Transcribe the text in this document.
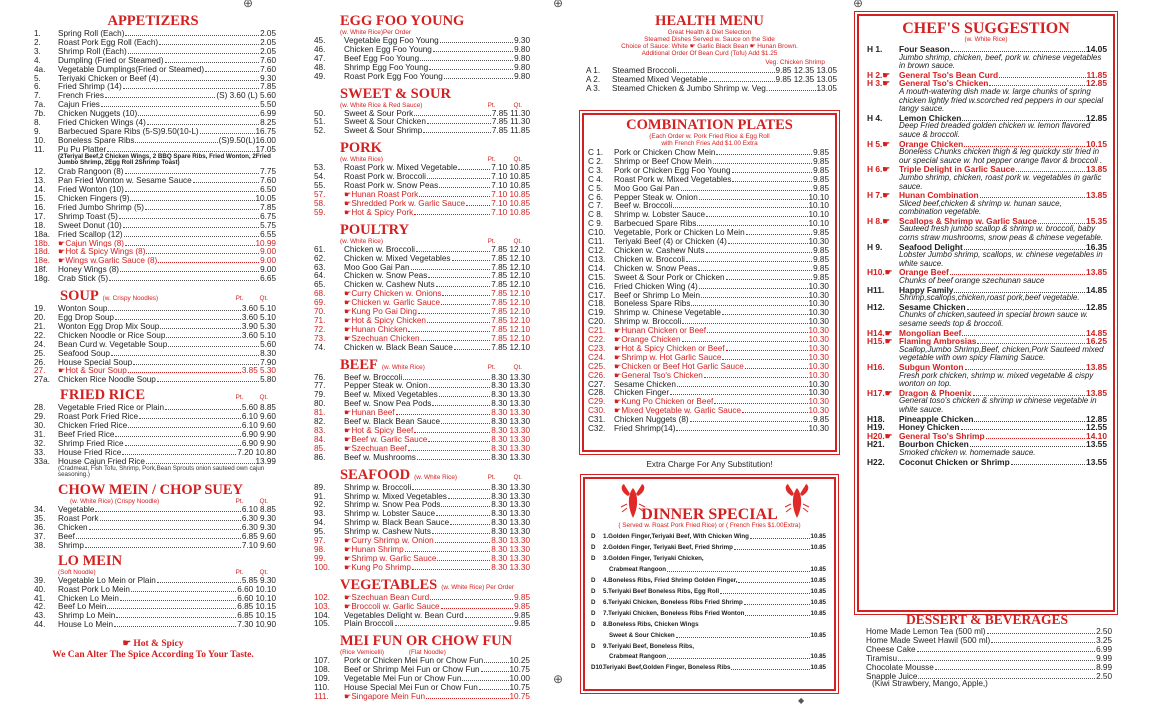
APPETIZERS
1.	Spring Roll (Each)	2.05
2.	Roast Pork Egg Roll (Each)	2.05
3.	Shrimp Roll (Each)	2.05
4.	Dumpling (Fried or Steamed)	7.60
4a.	Vegetable Dumplings(Fried or Steamed)	7.60
5.	Teriyaki Chicken or Beef (4)	9.30
6.	Fried Shrimp (14)	7.85
7.	French Fries	(S) 3.60 (L) 5.60
7a.	Cajun Fries	5.50
7b.	Chicken Nuggets (10)	6.99
8.	Fried Chicken Wings (4)	8.25
9.	Barbecued Spare Ribs (5-S)9.50(10-L)	16.75
10.	Boneless Spare Ribs	(S)9.50(L)16.00
11.	Pu Pu Platter	17.05
(2Teriyal Beef,2 Chicken Wings, 2 BBQ Spare Ribs, Fried Wonton, 2Fried Jumbo Shrimp, 2Egg Roll 2Shrimp Toast)
12.	Crab Rangoon (8)	7.75
13.	Pan Fried Wonton w. Sesame Sauce	7.60
14.	Fried Wonton (10)	6.50
15.	Chicken Fingers (9)	10.05
16.	Fried Jumbo Shrimp (5)	7.85
17.	Shrimp Toast (5)	6.75
18.	Sweet Donut (10)	5.75
18a. Fried Scallop (12)	6.55
18b. ☛Cajun Wings (8)	10.99
18d. ☛Hot & Spicy Wings (8)	9.00
18e. ☛Wings w.Garlic Sauce (8)	9.00
18f.	Honey Wings (8)	9.00
18g. Crab Stick (5)	6.65
SOUP (w. Crispy Noodles)	Pt.	Qt.
19.	Wonton Soup	3.60 5.10
20.	Egg Drop Soup	3.60 5.10
21.	Wonton Egg Drop Mix Soup	3.90 5.30
22.	Chicken Noodle or Rice Soup	3.60 5.10
24.	Bean Curd w. Vegetable Soup	5.60
25.	Seafood Soup	8.30
26.	House Special Soup	7.90
27.	☛Hot & Sour Soup	3.85 5.30
27a. Chicken Rice Noodle Soup	5.80
FRIED RICE	Pt.	Qt.
28.	Vegetable Fried Rice or Plain	5.60 8.85
29.	Roast Pork Fried Rice	6.10 9.60
30.	Chicken Fried Rice	6.10 9.60
31.	Beef Fried Rice	6.90 9.90
32.	Shrimp Fried Rice	6.90 9.90
33.	House Fried Rice	7.20 10.80
33a. House Cajun Fried Rice	13.99
(Cradmeat, Fish Tofu, Shrimp, Pork,Bean Sprouts onion sauteed own cajun seasoning.)
CHOW MEIN / CHOP SUEY
(w. White Rice) (Crispy Noodle)	Pt.	Qt.
34.	Vegetable	6.10 8.85
35.	Roast Pork	6.30 9.30
36.	Chicken	6.30 9.30
37.	Beef	6.85 9.60
38.	Shrimp	7.10 9.60
LO MEIN
(Soft Noodle)	Pt.	Qt.
39.	Vegetable Lo Mein or Plain	5.85 9.30
40.	Roast Pork Lo Mein	6.60 10.10
41.	Chicken Lo Mein	6.60 10.10
42.	Beef Lo Mein	6.85 10.15
43.	Shrimp Lo Mein	6.85 10.15
44.	House Lo Mein	7.30 10.90
☛ Hot & Spicy
We Can Alter The Spice According To Your Taste.
EGG FOO YOUNG
(w. White Rice)Per Order
45.	Vegetable Egg Foo Young	9.30
46.	Chicken Egg Foo Young	9.80
47.	Beef Egg Foo Young	9.80
48.	Shrimp Egg Foo Young	9.80
49.	Roast Pork Egg Foo Young	9.80
SWEET & SOUR
(w. White Rice & Red Sauce)	Pt.	Qt.
50.	Sweet & Sour Pork	7.85 11.30
51.	Sweet & Sour Chicken	7.85 11.30
52.	Sweet & Sour Shrimp	7.85 11.85
PORK
(w. White Rice)	Pt.	Qt.
53.	Roast Pork w. Mixed Vegetable	7.10 10.85
54.	Roast Pork w. Broccoli	7.10 10.85
55.	Roast Pork w. Snow Peas	7.10 10.85
57.	☛Hunan Roast Pork	7.10 10.85
58.	☛Shredded Pork w. Garlic Sauce	7.10 10.85
59.	☛Hot & Spicy Pork	7.10 10.85
POULTRY
(w. White Rice)	Pt.	Qt.
61.	Chicken w. Broccoli	7.85 12.10
62.	Chicken w. Mixed Vegetables	7.85 12.10
63.	Moo Goo Gai Pan	7.85 12.10
64.	Chicken w. Snow Peas	7.85 12.10
65.	Chicken w. Cashew Nuts	7.85 12.10
68.	☛Curry Chicken w. Onions	7.85 12.10
69.	☛Chicken w. Garlic Sauce	7.85 12.10
70.	☛Kung Po Gai Ding	7.85 12.10
71.	☛Hot & Spicy Chicken	7.85 12.10
72.	☛Hunan Chicken	7.85 12.10
73.	☛Szechuan Chicken	7.85 12.10
74.	Chicken w. Black Bean Sauce	7.85 12.10
BEEF (w. White Rice)	Pt.	Qt.
76.	Beef w. Broccoli	8.30 13.30
77.	Pepper Steak w. Onion	8.30 13.30
79.	Beef w. Mixed Vegetables	8.30 13.30
80.	Beef w. Snow Pea Pods	8.30 13.30
81.	☛Hunan Beef	8.30 13.30
82.	Beef w. Black Bean Sauce	8.30 13.30
83.	☛Hot & Spicy Beef	8.30 13.30
84.	☛Beef w. Garlic Sauce	8.30 13.30
85.	☛Szechuan Beef	8.30 13.30
86.	Beef w. Mushrooms	8.30 13.30
SEAFOOD (w. White Rice)	Pt.	Qt.
89.	Shrimp w. Broccoli	8.30 13.30
91.	Shrimp w. Mixed Vegetables	8.30 13.30
92.	Shrimp w. Snow Pea Pods	8.30 13.30
93.	Shrimp w. Lobster Sauce	8.30 13.30
94.	Shrimp w. Black Bean Sauce	8.30 13.30
95.	Shrimp w. Cashew Nuts	8.30 13.30
97.	☛Curry Shrimp w. Onion	8.30 13.30
98.	☛Hunan Shrimp	8.30 13.30
99.	☛Shrimp w. Garlic Sauce	8.30 13.30
100.	☛Kung Po Shrimp	8.30 13.30
VEGETABLES (w. White Rice) Per Order
102.	☛Szechuan Bean Curd	9.85
103.	☛Broccoli w. Garlic Sauce	9.85
104.	Vegetables Delight w. Bean Curd	9.85
105.	Plain Broccoli	9.85
MEI FUN OR CHOW FUN
(Rice Vemicelli)              (Flat Noodle)
107.	Pork or Chicken Mei Fun or Chow Fun	10.25
108.	Beef or Shrimp Mei Fun or Chow Fun	10.75
109.	Vegetable Mei Fun or Chow Fun	10.00
110.	House Special Mei Fun or Chow Fun	10.75
111.	☛Singapore Mein Fun	10.75
HEALTH MENU
Great Health & Diet Selection
Steamed Dishes Served w. Sauce on the Side
Choice of Sauce: White ☛ Garlic Black Bean ☛ Hunan Brown.
Additional Order Of Bean Curd (Tofu) Add $1.25
Veg. Chicken Shrimp
A 1.	Steamed Broccoli	9.85 12.35 13.05
A 2.	Steamed Mixed Vegetable	9.85 12.35 13.05
A 3.	Steamed Chicken & Jumbo Shrimp w. Veg.	13.05
COMBINATION PLATES
(Each Order w. Pork Fried Rice & Egg Roll
with French Fries Add $1.00 Extra
C 1.	Pork or Chicken Chow Mein	9.85
C 2.	Shrimp or Beef Chow Mein	9.85
C 3.	Pork or Chicken Egg Foo Young	9.85
C 4.	Roast Pork w. Mixed Vegetables	9.85
C 5.	Moo Goo Gai Pan	9.85
C 6.	Pepper Steak w. Onion	10.10
C 7.	Beef w. Broccoli	10.10
C 8.	Shrimp w. Lobster Sauce	10.10
C 9.	Barbecued Spare Ribs	10.10
C10.	Vegetable, Pork or Chicken Lo Mein	9.85
C11.	Teriyaki Beef (4) or Chicken (4)	10.30
C12.	Chicken w. Cashew Nuts	9.85
C13.	Chicken w. Broccoli	9.85
C14.	Chicken w. Snow Peas	9.85
C15.	Sweet & Sour Pork or Chicken	9.85
C16.	Fried Chicken Wing (4)	10.30
C17.	Beef or Shrimp Lo Mein	10.30
C18.	Boneless Spare Ribs	10.30
C19.	Shrimp w. Chinese Vegetable	10.30
C20.	Shrimp w. Broccoli	10.30
C21.	☛Hunan Chicken or Beef	10.30
C22.	☛Orange Chicken	10.30
C23.	☛Hot & Spicy Chicken or Beef	10.30
C24.	☛Shrimp w. Hot Garlic Sauce	10.30
C25.	☛Chicken or Beef Hot Garlic Sauce	10.30
C26.	☛General Tso's Chicken	10.30
C27.	Sesame Chicken	10.30
C28.	Chicken Finger	10.30
C29.	☛Kung Po Chicken or Beef	10.30
C30.	☛Mixed Vegetable w. Garlic Sauce	10.30
C31.	Chicken Nuggets (8)	9.85
C32.	Fried Shrimp(14)	10.30
Extra Charge For Any Substitution!
DINNER SPECIAL
( Served w. Roast Pork Fried Rice) or ( French Fries $1.00Extra)
D	1.Golden Finger,Teriyaki Beef, With Chicken Wing	10.85
D	2.Golden Finger, Teriyaki Beef, Fried Shrimp	10.85
D	3.Golden Finger, Teriyaki Chicken,
Crabmeat Rangoon	10.85
D	4.Boneless Ribs, Fried Shrimp Golden Finger,	10.85
D	5.Teriyaki Beef Boneless Ribs, Egg Roll	10.85
D	6.Teriyaki Chicken, Boneless Ribs Fried Shrimp	10.85
D	7.Teriyaki Chicken, Boneless Ribs Fried Wonton	10.85
D	8.Boneless Ribs, Chicken Wings
Sweet & Sour Chicken	10.85
D	9.Teriyaki Beef, Boneless Ribs,
Crabmeat Rangoon	10.85
D10.
Teriyaki Beef,Golden Finger, Boneless Ribs	10.85
CHEF'S SUGGESTION
(w. White Rice)
H 1.	Four Season	14.05
Jumbo shrimp, chicken, beef, pork w. chinese vegetables in brown sauce.
H 2.☛	General Tso's Bean Curd	11.85
H 3.☛	General Tso's Chicken	12.85
A mouth-watering dish made w. large chunks of spring chicken lightly fried w.scorched red peppers in our special tangy sauce.
H 4.	Lemon Chicken	12.85
Deep Fried breaded golden chicken w. lemon flavored sauce & broccoli.
H 5.☛	Orange Chicken	10.15
Boneless Chunks chicken thigh & leg quickdy stir fried in our special sauce w. hot pepper orange flavor & broccoli .
H 6.☛	Triple Delight in Garlic Sauce	13.85
Jumbo shrimp, chicken, roast pork w. vegetables in garlic sauce.
H 7.☛	Hunan Combination	13.85
Sliced beef,chicken & shrimp w. hunan sauce, combination vegetable.
H 8.☛	Scallops & Shrimp w. Garlic Sauce	15.35
Sauteed fresh jumbo scallop & shrimp w. broccoli, baby corns straw mushrooms, snow peas & chinese vegetable.
H 9.	Seafood Delight	16.35
Lobster Jumbo shrimp, scallops, w. chinese vegetables in white sauce.
H10.☛ Orange Beef	13.85
Chunks of beef orange szechunan sauce
H11.	Happy Family	14.85
Shrimp,scallops,chicken,roast pork,beef vegetable.
H12.	Sesame Chicken	12.85
Chunks of chicken,sauteed in special brown sauce w. sesame seeds top & broccoli.
H14.☛ Mongolian Beef	14.85
H15.☛ Flaming Ambrosias	16.25
Scallop,Jumbo Shrimp,Beef, chicken,Pork Sauteed mixed vegetable with own spicy Flaming Sauce.
H16.	Subgun Wonton	13.85
Fresh pork chicken, shrimp w. mixed vegetable & cispy wonton on top.
H17.☛ Dragon & Phoenix	13.85
General toso's chicken & shrimp w chinese vegetable in white sauce.
H18.	Pineapple Chicken	12.85
H19.	Honey Chicken	12.55
H20.☛ General Tso's Shrimp	14.10
H21.	Bourbon Chicken	13.55
Smoked chicken w. homemade sauce.
H22.	Coconut Chicken or Shrimp	13.55
DESSERT & BEVERAGES
Home Made Lemon Tea (500 ml)	2.50
Home Made Sweet Hawil (500 ml)	3.25
Cheese Cake	6.99
Tiramisu	9.99
Chocolate Mousse	8.99
Snapple Juice	2.50
(Kiwi Strawbery, Mango, Apple,)
⊕	⊕	⊕
⊕
◆
